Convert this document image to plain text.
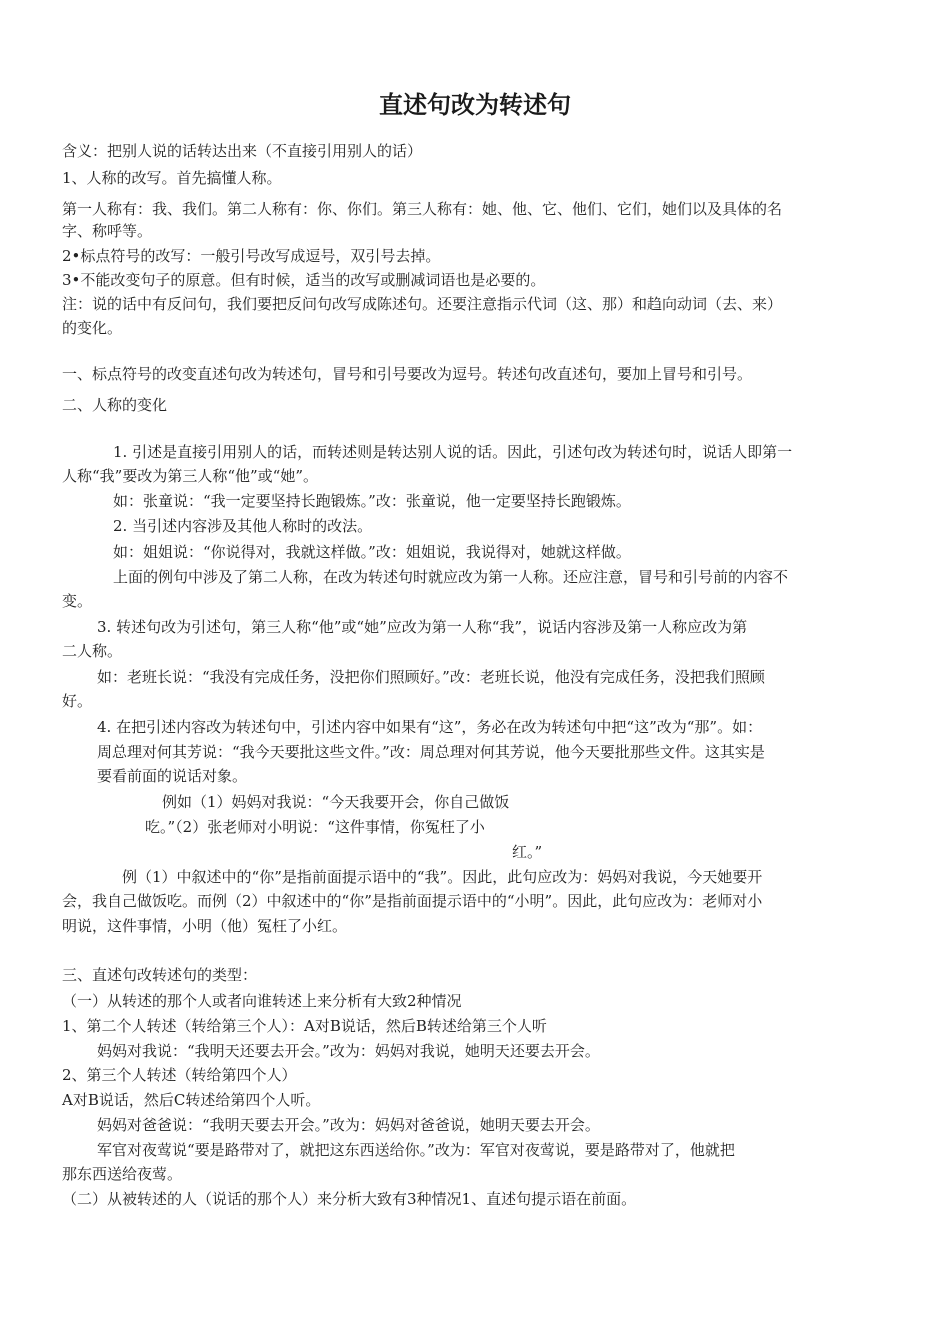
直述句改为转述句

含义：把别人说的话转达出来（不直接引用别人的话）

1、人称的改写。首先搞懂人称。

第一人称有：我、我们。第二人称有：你、你们。第三人称有：她、他、它、他们、它们，她们以及具体的名

字、称呼等。

2•标点符号的改写：一般引号改写成逗号，双引号去掉。

3•不能改变句子的原意。但有时候，适当的改写或删减词语也是必要的。

注：说的话中有反问句，我们要把反问句改写成陈述句。还要注意指示代词（这、那）和趋向动词（去、来）

的变化。

一、标点符号的改变直述句改为转述句，冒号和引号要改为逗号。转述句改直述句，要加上冒号和引号。

二、人称的变化

1. 引述是直接引用别人的话，而转述则是转达别人说的话。因此，引述句改为转述句时，说话人即第一

人称“我”要改为第三人称“他”或“她”。

如：张童说：“我一定要坚持长跑锻炼。”改：张童说，他一定要坚持长跑锻炼。

2. 当引述内容涉及其他人称时的改法。

如：姐姐说：“你说得对，我就这样做。”改：姐姐说，我说得对，她就这样做。

上面的例句中涉及了第二人称，在改为转述句时就应改为第一人称。还应注意，冒号和引号前的内容不

变。

3. 转述句改为引述句，第三人称“他”或“她”应改为第一人称“我”，说话内容涉及第一人称应改为第

二人称。

如：老班长说：“我没有完成任务，没把你们照顾好。”改：老班长说，他没有完成任务，没把我们照顾

好。

4. 在把引述内容改为转述句中，引述内容中如果有“这”，务必在改为转述句中把“这”改为“那”。如：

周总理对何其芳说：“我今天要批这些文件。”改：周总理对何其芳说，他今天要批那些文件。这其实是

要看前面的说话对象。

例如（1）妈妈对我说：“今天我要开会，你自己做饭

吃。”（2）张老师对小明说：“这件事情，你冤枉了小

红。”

例（1）中叙述中的“你”是指前面提示语中的“我”。因此，此句应改为：妈妈对我说，今天她要开

会，我自己做饭吃。而例（2）中叙述中的“你”是指前面提示语中的“小明”。因此，此句应改为：老师对小

明说，这件事情，小明（他）冤枉了小红。

三、直述句改转述句的类型：

（一）从转述的那个人或者向谁转述上来分析有大致2种情况

1、第二个人转述（转给第三个人）：A对B说话，然后B转述给第三个人听

妈妈对我说：“我明天还要去开会。”改为：妈妈对我说，她明天还要去开会。

2、第三个人转述（转给第四个人）

A对B说话，然后C转述给第四个人听。

妈妈对爸爸说：“我明天要去开会。”改为：妈妈对爸爸说，她明天要去开会。

军官对夜莺说“要是路带对了，就把这东西送给你。”改为：军官对夜莺说，要是路带对了，他就把

那东西送给夜莺。

（二）从被转述的人（说话的那个人）来分析大致有3种情况1、直述句提示语在前面。
